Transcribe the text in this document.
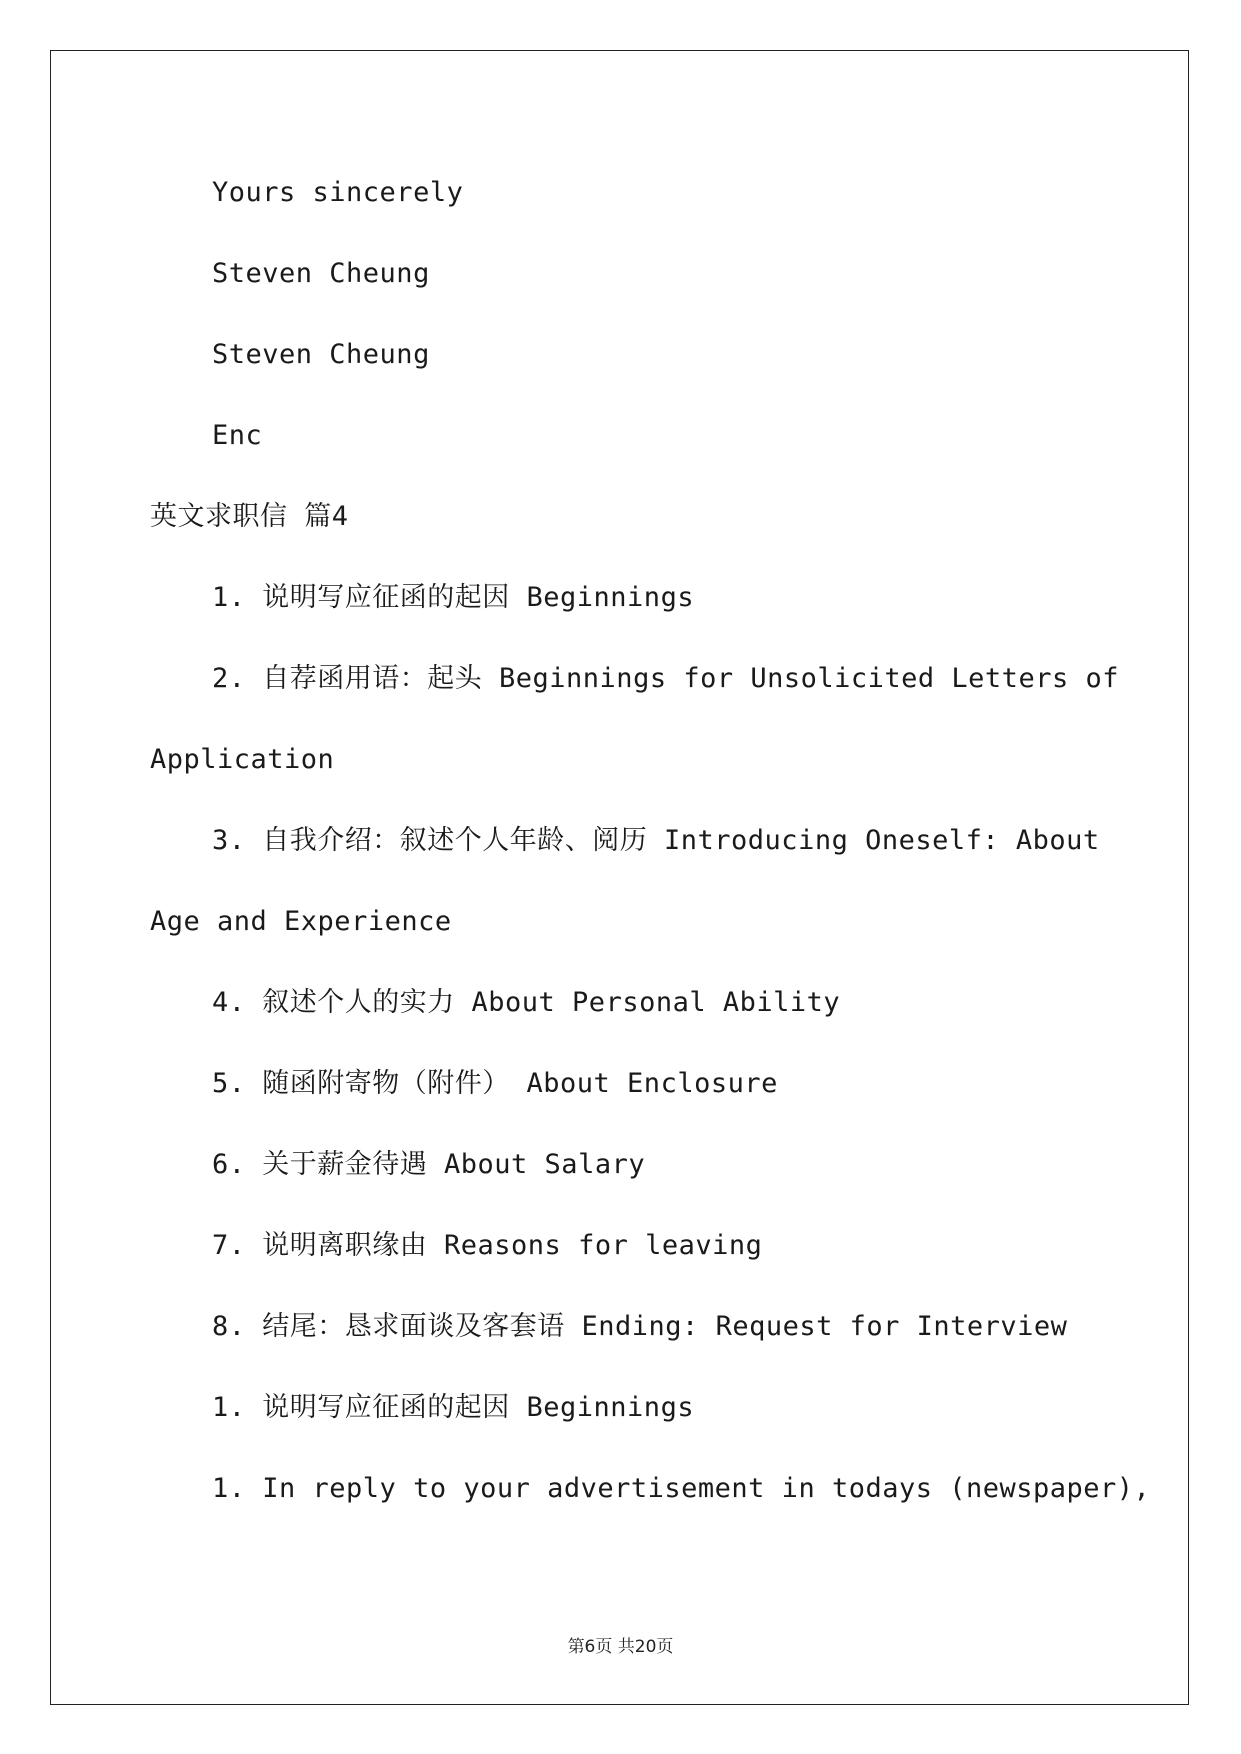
Yours sincerely
Steven Cheung
Steven Cheung
Enc
英文求职信 篇4
1. 说明写应征函的起因 Beginnings
2. 自荐函用语：起头 Beginnings for Unsolicited Letters of
Application
3. 自我介绍：叙述个人年龄、阅历 Introducing Oneself: About
Age and Experience
4. 叙述个人的实力 About Personal Ability
5. 随函附寄物（附件） About Enclosure
6. 关于薪金待遇 About Salary
7. 说明离职缘由 Reasons for leaving
8. 结尾：恳求面谈及客套语 Ending: Request for Interview
1. 说明写应征函的起因 Beginnings
1. In reply to your advertisement in todays (newspaper),
第6页 共20页
